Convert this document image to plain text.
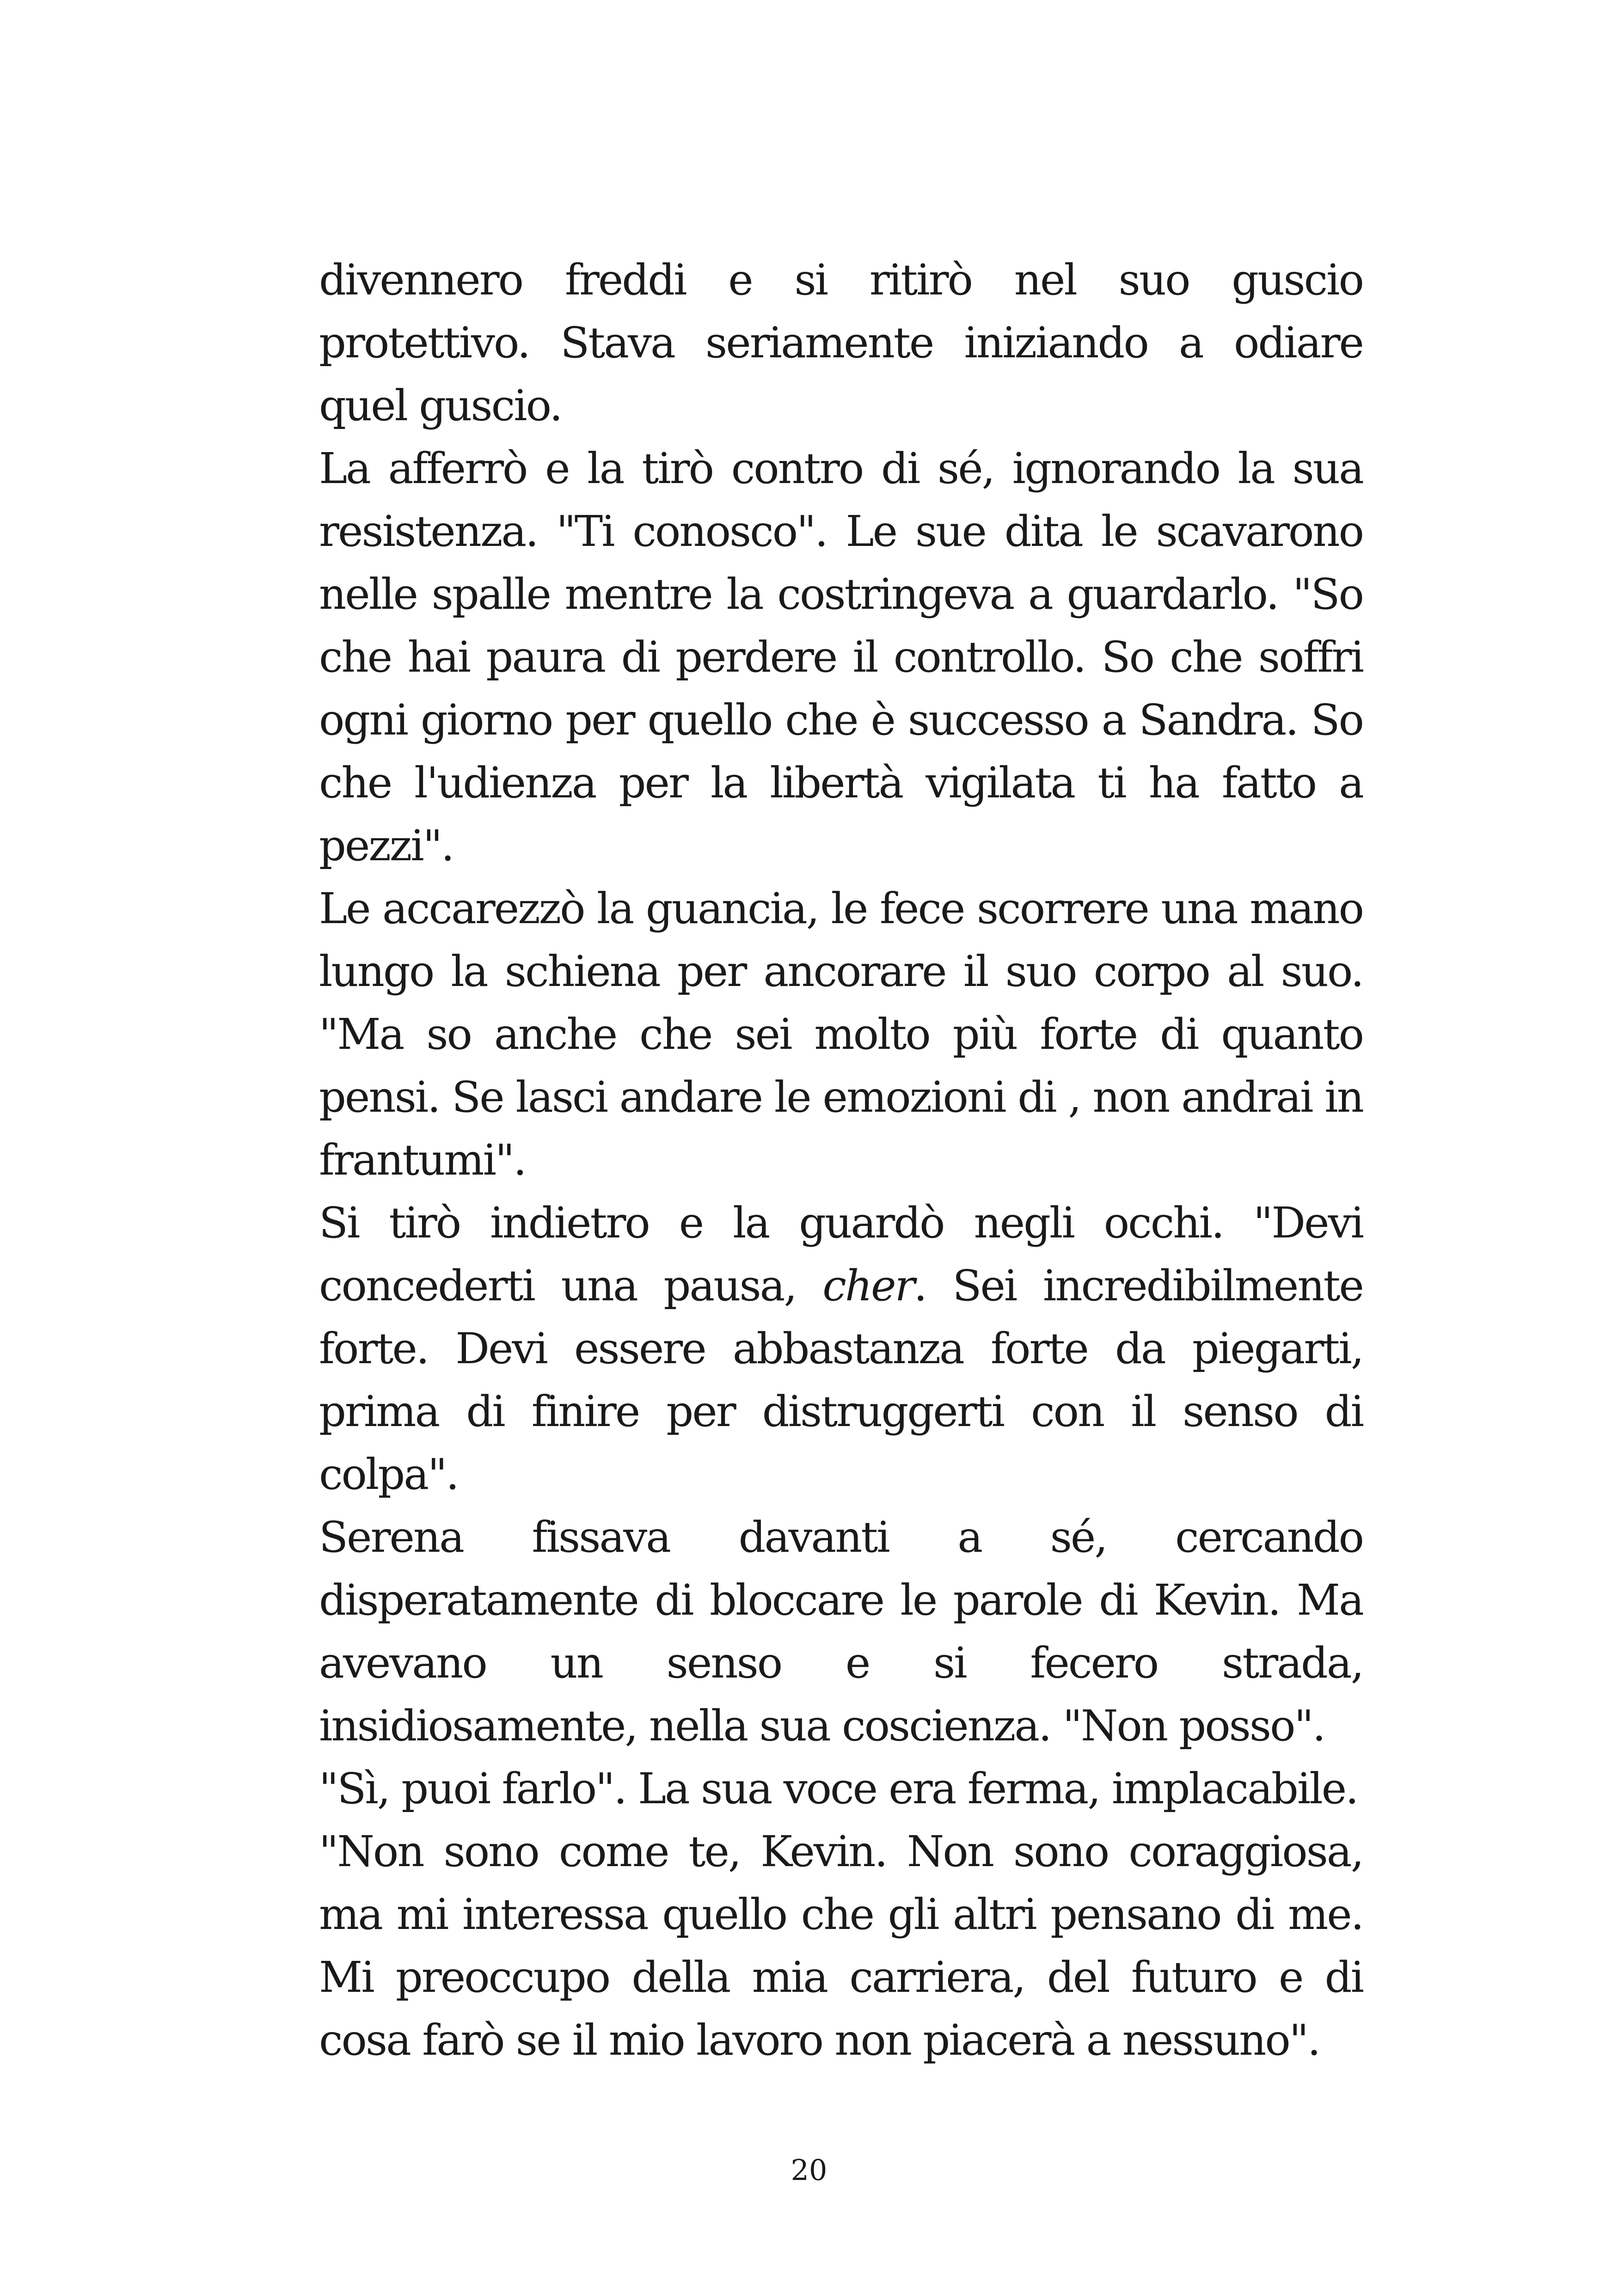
divennero freddi e si ritirò nel suo guscio protettivo. Stava seriamente iniziando a odiare quel guscio.

La afferrò e la tirò contro di sé, ignorando la sua resistenza. "Ti conosco". Le sue dita le scavarono nelle spalle mentre la costringeva a guardarlo. "So che hai paura di perdere il controllo. So che soffri ogni giorno per quello che è successo a Sandra. So che l'udienza per la libertà vigilata ti ha fatto a pezzi".

Le accarezzò la guancia, le fece scorrere una mano lungo la schiena per ancorare il suo corpo al suo. "Ma so anche che sei molto più forte di quanto pensi. Se lasci andare le emozioni di , non andrai in frantumi".

Si tirò indietro e la guardò negli occhi. "Devi concederti una pausa, cher. Sei incredibilmente forte. Devi essere abbastanza forte da piegarti, prima di finire per distruggerti con il senso di colpa".

Serena fissava davanti a sé, cercando disperatamente di bloccare le parole di Kevin. Ma avevano un senso e si fecero strada, insidiosamente, nella sua coscienza. "Non posso".

"Sì, puoi farlo". La sua voce era ferma, implacabile.

"Non sono come te, Kevin. Non sono coraggiosa, ma mi interessa quello che gli altri pensano di me. Mi preoccupo della mia carriera, del futuro e di cosa farò se il mio lavoro non piacerà a nessuno".

20
